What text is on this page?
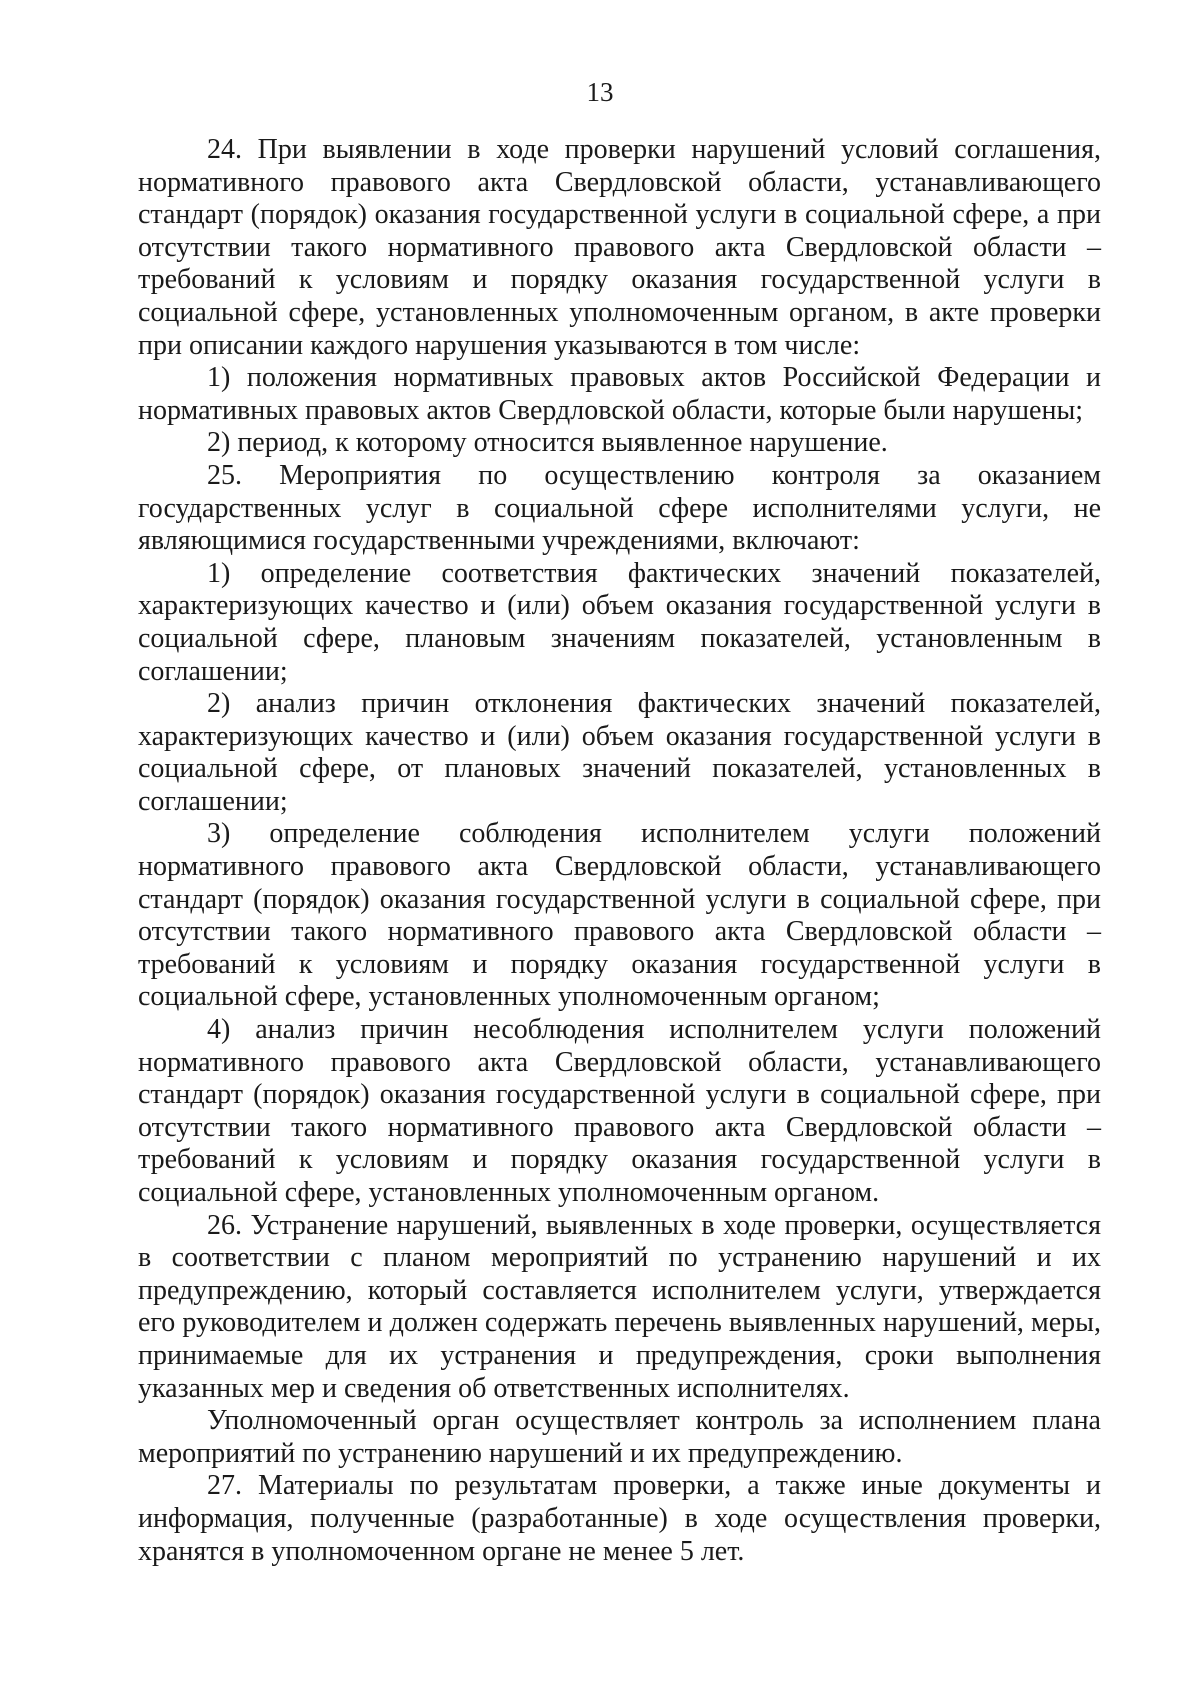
13

24. При выявлении в ходе проверки нарушений условий соглашения, нормативного правового акта Свердловской области, устанавливающего стандарт (порядок) оказания государственной услуги в социальной сфере, а при отсутствии такого нормативного правового акта Свердловской области – требований к условиям и порядку оказания государственной услуги в социальной сфере, установленных уполномоченным органом, в акте проверки при описании каждого нарушения указываются в том числе:

1) положения нормативных правовых актов Российской Федерации и нормативных правовых актов Свердловской области, которые были нарушены;

2) период, к которому относится выявленное нарушение.

25. Мероприятия по осуществлению контроля за оказанием государственных услуг в социальной сфере исполнителями услуги, не являющимися государственными учреждениями, включают:

1) определение соответствия фактических значений показателей, характеризующих качество и (или) объем оказания государственной услуги в социальной сфере, плановым значениям показателей, установленным в соглашении;

2) анализ причин отклонения фактических значений показателей, характеризующих качество и (или) объем оказания государственной услуги в социальной сфере, от плановых значений показателей, установленных в соглашении;

3) определение соблюдения исполнителем услуги положений нормативного правового акта Свердловской области, устанавливающего стандарт (порядок) оказания государственной услуги в социальной сфере, при отсутствии такого нормативного правового акта Свердловской области – требований к условиям и порядку оказания государственной услуги в социальной сфере, установленных уполномоченным органом;

4) анализ причин несоблюдения исполнителем услуги положений нормативного правового акта Свердловской области, устанавливающего стандарт (порядок) оказания государственной услуги в социальной сфере, при отсутствии такого нормативного правового акта Свердловской области – требований к условиям и порядку оказания государственной услуги в социальной сфере, установленных уполномоченным органом.

26. Устранение нарушений, выявленных в ходе проверки, осуществляется в соответствии с планом мероприятий по устранению нарушений и их предупреждению, который составляется исполнителем услуги, утверждается его руководителем и должен содержать перечень выявленных нарушений, меры, принимаемые для их устранения и предупреждения, сроки выполнения указанных мер и сведения об ответственных исполнителях.

Уполномоченный орган осуществляет контроль за исполнением плана мероприятий по устранению нарушений и их предупреждению.

27. Материалы по результатам проверки, а также иные документы и информация, полученные (разработанные) в ходе осуществления проверки, хранятся в уполномоченном органе не менее 5 лет.
